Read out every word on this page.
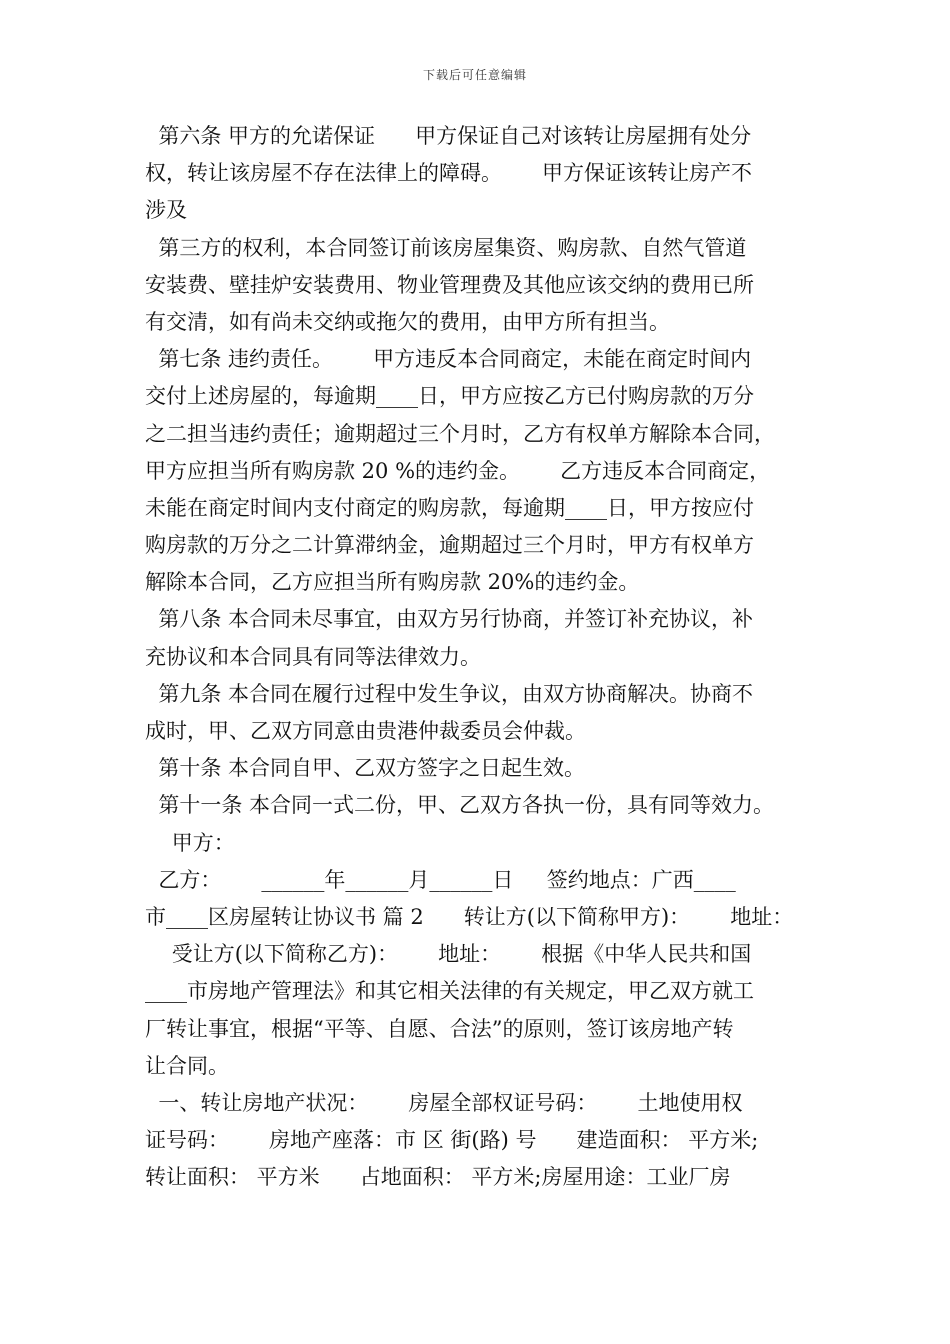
下载后可任意编辑
第六条 甲方的允诺保证      甲方保证自己对该转让房屋拥有处分
权，转让该房屋不存在法律上的障碍。      甲方保证该转让房产不
涉及
第三方的权利，本合同签订前该房屋集资、购房款、自然气管道
安装费、壁挂炉安装费用、物业管理费及其他应该交纳的费用已所
有交清，如有尚未交纳或拖欠的费用，由甲方所有担当。
第七条 违约责任。      甲方违反本合同商定，未能在商定时间内
交付上述房屋的，每逾期____日，甲方应按乙方已付购房款的万分
之二担当违约责任；逾期超过三个月时，乙方有权单方解除本合同，
甲方应担当所有购房款 20 %的违约金。      乙方违反本合同商定，
未能在商定时间内支付商定的购房款，每逾期____日，甲方按应付
购房款的万分之二计算滞纳金，逾期超过三个月时，甲方有权单方
解除本合同，乙方应担当所有购房款 20%的违约金。
第八条 本合同未尽事宜，由双方另行协商，并签订补充协议，补
充协议和本合同具有同等法律效力。
第九条 本合同在履行过程中发生争议，由双方协商解决。协商不
成时，甲、乙双方同意由贵港仲裁委员会仲裁。
第十条 本合同自甲、乙双方签字之日起生效。
第十一条 本合同一式二份，甲、乙双方各执一份，具有同等效力。
甲方：
乙方：      ______年______月______日     签约地点：广西____
市____区房屋转让协议书 篇 2      转让方(以下简称甲方)：      地址：
受让方(以下简称乙方)：      地址：      根据《中华人民共和国
____市房地产管理法》和其它相关法律的有关规定，甲乙双方就工
厂转让事宜，根据“平等、自愿、合法”的原则，签订该房地产转
让合同。
一、转让房地产状况：      房屋全部权证号码：      土地使用权
证号码：      房地产座落：市 区 街(路) 号      建造面积： 平方米;
转让面积： 平方米      占地面积： 平方米;房屋用途：工业厂房
